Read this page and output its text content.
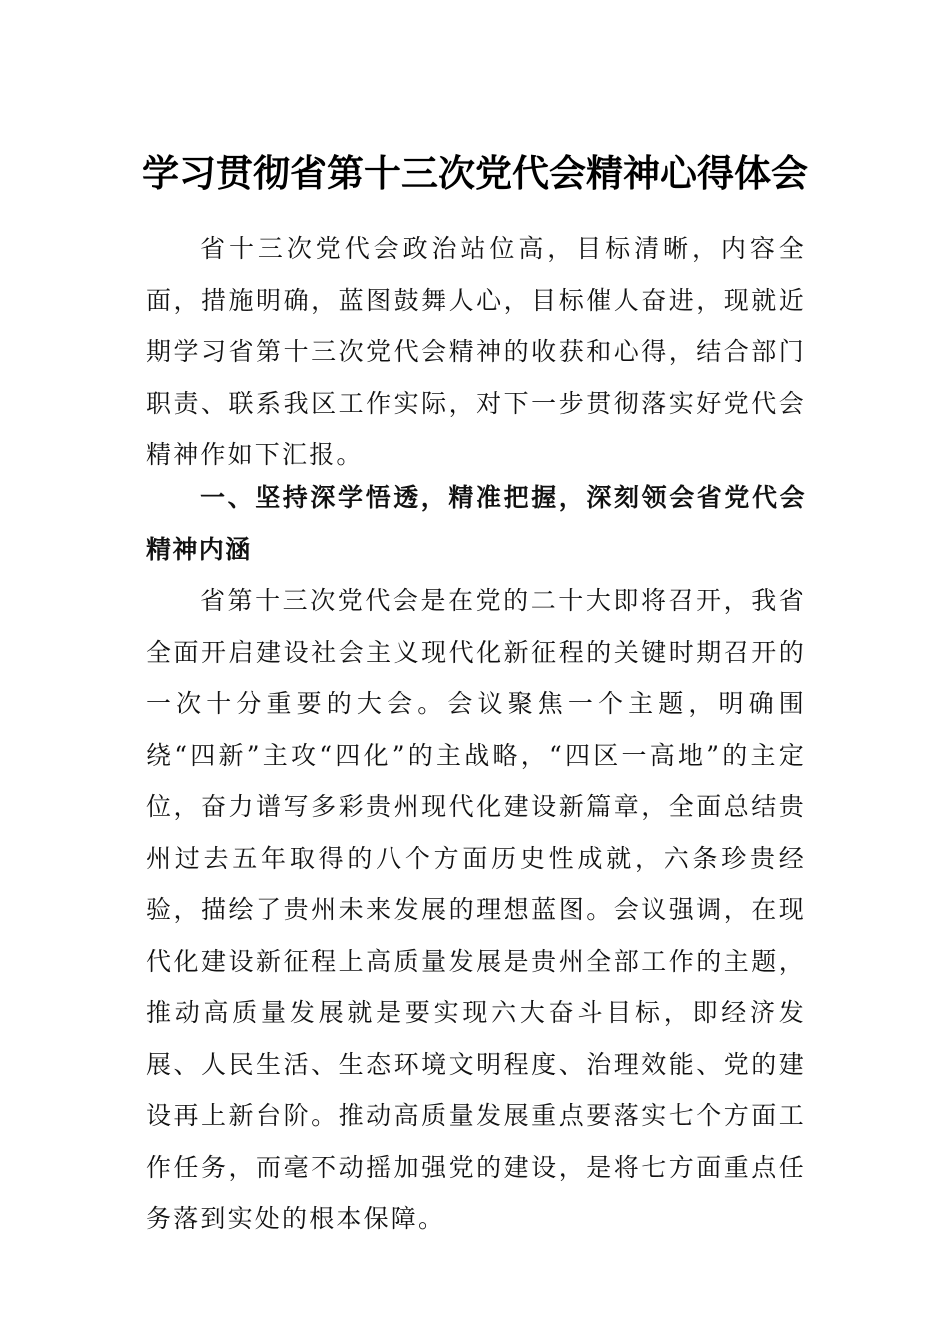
学习贯彻省第十三次党代会精神心得体会

省十三次党代会政治站位高，目标清晰，内容全面，措施明确，蓝图鼓舞人心，目标催人奋进，现就近期学习省第十三次党代会精神的收获和心得，结合部门职责、联系我区工作实际，对下一步贯彻落实好党代会精神作如下汇报。

一、坚持深学悟透，精准把握，深刻领会省党代会精神内涵

省第十三次党代会是在党的二十大即将召开，我省全面开启建设社会主义现代化新征程的关键时期召开的一次十分重要的大会。会议聚焦一个主题，明确围绕“四新”主攻“四化”的主战略，“四区一高地”的主定位，奋力谱写多彩贵州现代化建设新篇章，全面总结贵州过去五年取得的八个方面历史性成就，六条珍贵经验，描绘了贵州未来发展的理想蓝图。会议强调，在现代化建设新征程上高质量发展是贵州全部工作的主题，推动高质量发展就是要实现六大奋斗目标，即经济发展、人民生活、生态环境文明程度、治理效能、党的建设再上新台阶。推动高质量发展重点要落实七个方面工作任务，而毫不动摇加强党的建设，是将七方面重点任务落到实处的根本保障。
